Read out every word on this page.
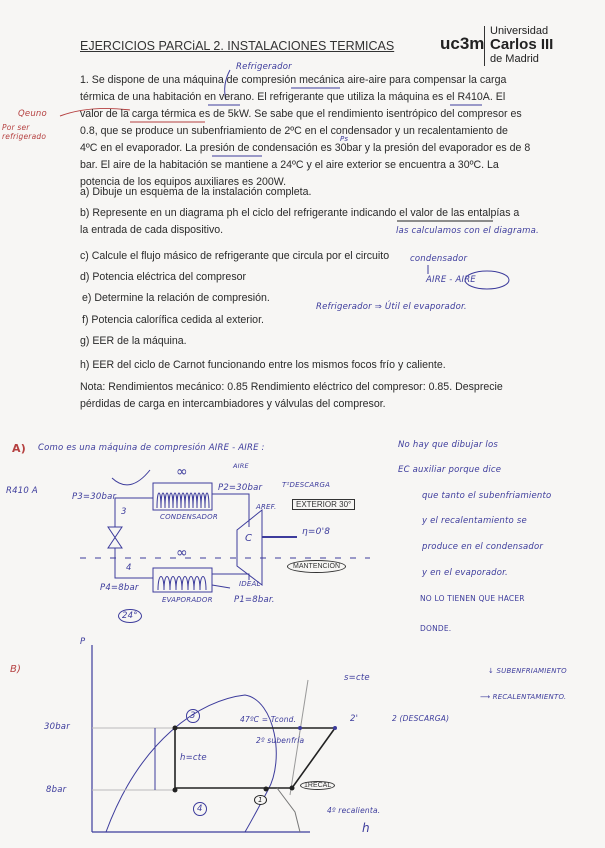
EJERCICIOS PARCiAL 2. INSTALACIONES TERMICAS	uc3m
Universidad
Carlos III
de Madrid
Refrigerador
1. Se dispone de una máquina de compresión mecánica aire-aire para compensar la carga
térmica de una habitación en verano. El refrigerante que utiliza la máquina es el R410A. El
valor de la carga térmica es de 5kW. Se sabe que el rendimiento isentrópico del compresor es
0.8, que se produce un subenfriamiento de 2ºC en el condensador y un recalentamiento de
4ºC en el evaporador. La presión de condensación es 30bar y la presión del evaporador es de 8
bar. El aire de la habitación se mantiene a 24ºC y el aire exterior se encuentra a 30ºC. La
potencia de los equipos auxiliares es 200W.
Qeuno
Por ser refrigerado	Ps
a) Dibuje un esquema de la instalación completa.
b) Represente en un diagrama ph el ciclo del refrigerante indicando el valor de las entalpías a
la entrada de cada dispositivo.
c) Calcule el flujo másico de refrigerante que circula por el circuito
d) Potencia eléctrica del compresor
e) Determine la relación de compresión.
f) Potencia calorífica cedida al exterior.
g) EER de la máquina.
h) EER del ciclo de Carnot funcionando entre los mismos focos frío y caliente.
Nota: Rendimientos mecánico: 0.85 Rendimiento eléctrico del compresor: 0.85. Desprecie
pérdidas de carga en intercambiadores y válvulas del compresor.
las calculamos con el diagrama.
condensador
AIRE - AIRE
Refrigerador ⇒ Útil el evaporador.
A) Como es una máquina de compresión AIRE - AIRE :
R410 A
P3=30bar
3
4
CONDENSADOR
EVAPORADOR
∞
∞
AIRE
P2=30bar	T²DESCARGA
AREF.	EXTERIOR 30°
C
η=0'8
MANTENCIÓN
IDEAL
P4=8bar
P1=8bar.
24°
No hay que dibujar los
EC auxiliar porque dice
que tanto el subenfriamiento
y el recalentamiento se
produce en el condensador
y en el evaporador.
NO LO TIENEN QUE HACER
DONDE.
B)
P
h
30bar
8bar
s=cte
47ºC = Tcond.
2º subenfría
h=cte
3
4
1
2'	2 (DESCARGA)
1RECAL
4º recalienta.
↓ SUBENFRIAMIENTO
⟶ RECALENTAMIENTO.
